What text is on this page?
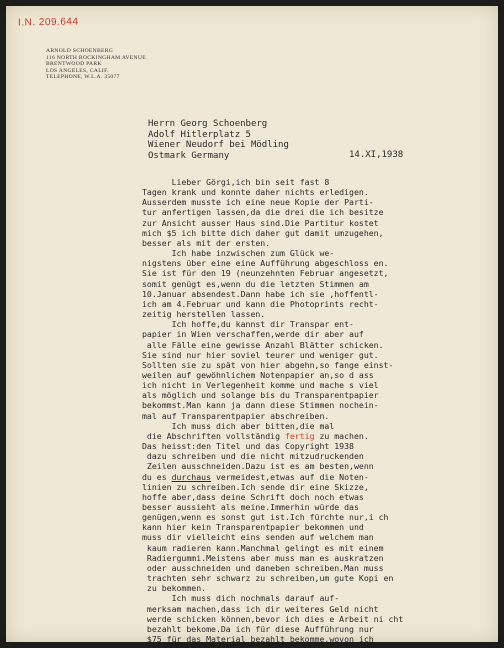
I.N. 209.644
ARNOLD SCHOENBERG
116 NORTH ROCKINGHAM AVENUE
BRENTWOOD PARK
LOS ANGELES, CALIF.
TELEPHONE, W.L.A. 35077
Herrn Georg Schoenberg
Adolf Hitlerplatz 5
Wiener Neudorf bei Mödling
Ostmark Germany	14.XI,1938
Lieber Görgi,ich bin seit fast 8
Tagen krank und konnte daher nichts erledigen.
Ausserdem musste ich eine neue Kopie der Parti-
tur anfertigen lassen,da die drei die ich besitze
zur Ansicht ausser Haus sind.Die Partitur kostet
mich $5 ich bitte dich daher gut damit umzugehen,
besser als mit der ersten.
Ich habe inzwischen zum Glück we-
nigstens über eine eine Aufführung abgeschloss en.
Sie ist für den 19 (neunzehnten Februar angesetzt,
somit genügt es,wenn du die letzten Stimmen am
10.Januar absendest.Dann habe ich sie ,hoffentl-
ich am 4.Februar und kann die Photoprints recht-
zeitig herstellen lassen.
Ich hoffe,du kannst dir Transpar ent-
papier in Wien verschaffen,werde dir aber auf
alle Fälle eine gewisse Anzahl Blätter schicken.
Sie sind nur hier soviel teurer und weniger gut.
Sollten sie zu spät von hier abgehn,so fange einst-
weilen auf gewöhnlichem Notenpapier an,so d ass
ich nicht in Verlegenheit komme und mache s viel
als möglich und solange bis du Transparentpapier
bekommst.Man kann ja dann diese Stimmen nochein-
mal auf Transparentpapier abschreiben.
Ich muss dich aber bitten,die mal
die Abschriften vollständig fertig zu machen.
Das heisst:den Titel und das Copyright 1938
dazu schreiben und die nicht mitzudruckenden
Zeilen ausschneiden.Dazu ist es am besten,wenn
du es durchaus vermeidest,etwas auf die Noten-
linien zu schreiben.Ich sende dir eine Skizze,
hoffe aber,dass deine Schrift doch noch etwas
besser aussieht als meine.Immerhin würde das
genügen,wenn es sonst gut ist.Ich fürchte nur,i ch
kann hier kein Transparentpapier bekommen und
muss dir vielleicht eins senden auf welchem man
kaum radieren kann.Manchmal gelingt es mit einem
Radiergummi.Meistens aber muss man es auskratzen
oder ausschneiden und daneben schreiben.Man muss
trachten sehr schwarz zu schreiben,um gute Kopi en
zu bekommen.
Ich muss dich nochmals darauf auf-
merksam machen,dass ich dir weiteres Geld nicht
werde schicken können,bevor ich dies e Arbeit ni cht
bezahlt bekome.Da ich für diese Aufführung nur
$75 für das Material bezahlt bekomme,wovon ich
